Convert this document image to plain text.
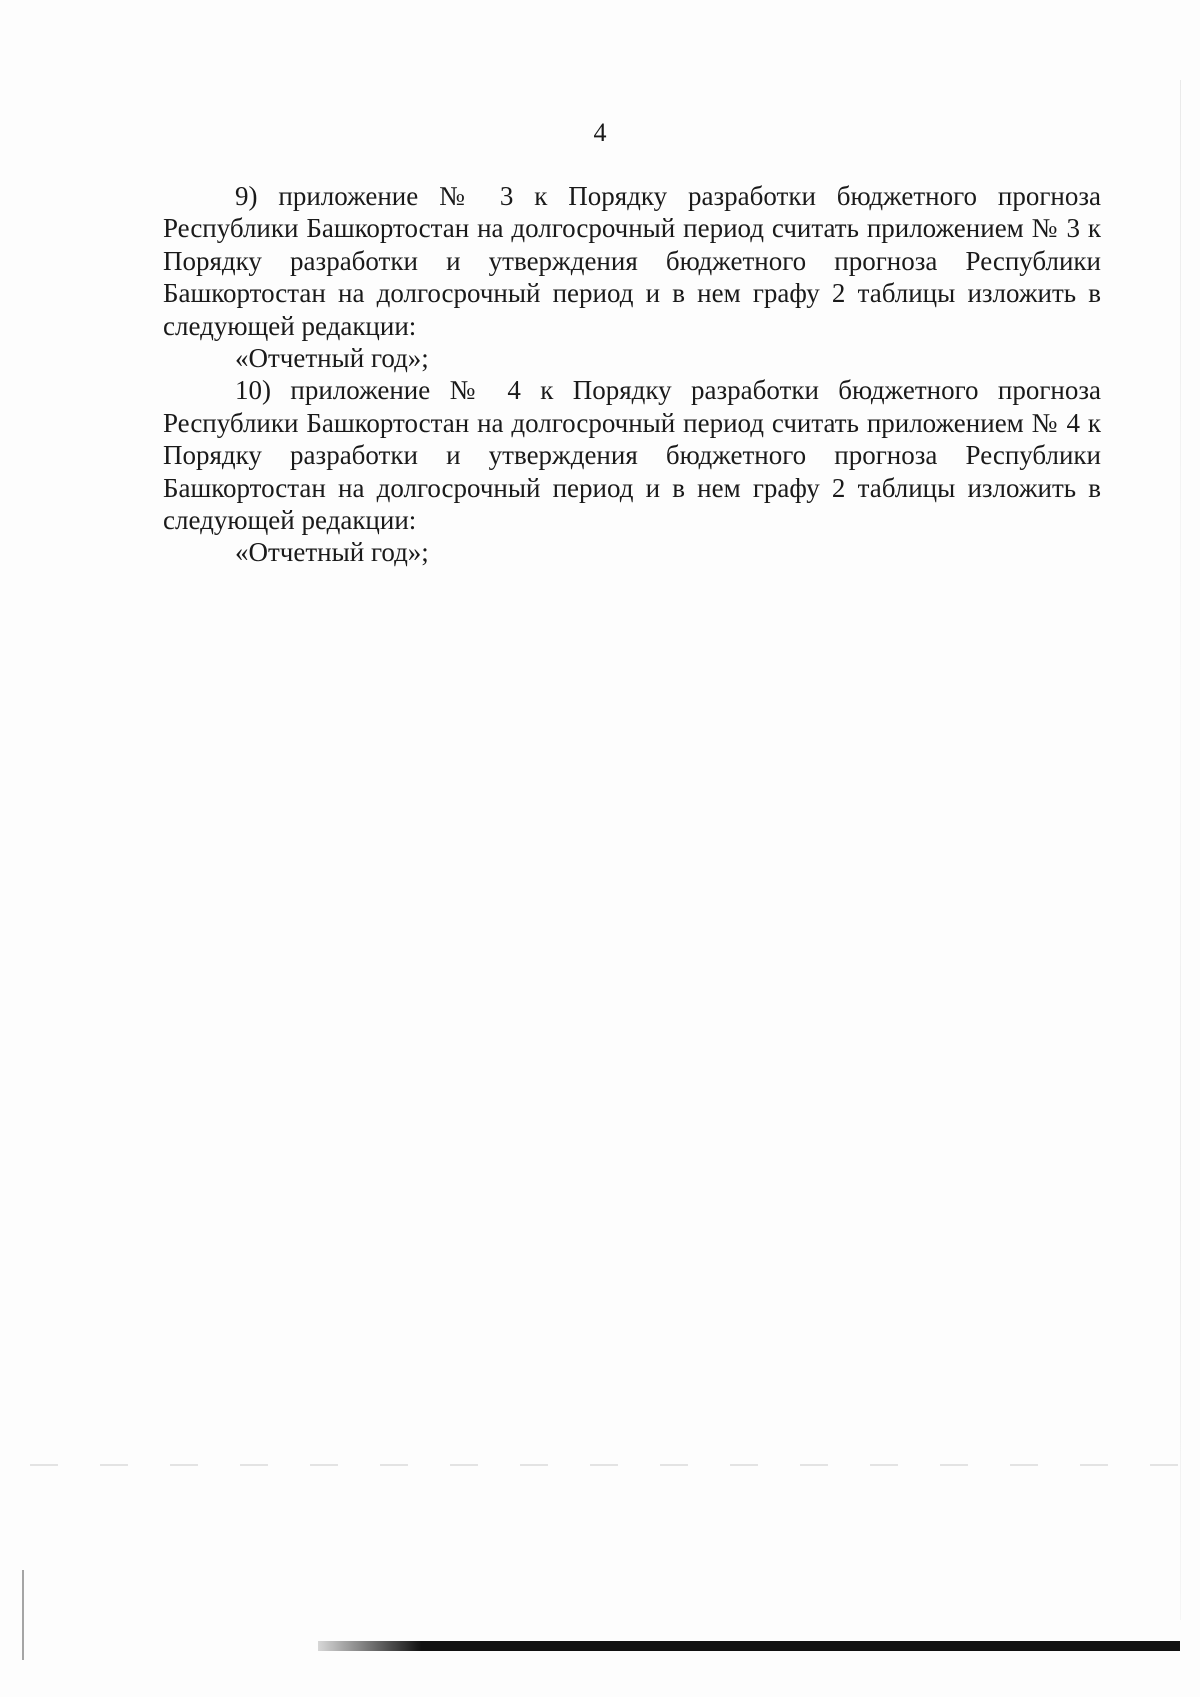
4

9) приложение № 3 к Порядку разработки бюджетного прогноза Республики Башкортостан на долгосрочный период считать приложением № 3 к Порядку разработки и утверждения бюджетного прогноза Республики Башкортостан на долгосрочный период и в нем графу 2 таблицы изложить в следующей редакции:

«Отчетный год»;

10) приложение № 4 к Порядку разработки бюджетного прогноза Республики Башкортостан на долгосрочный период считать приложением № 4 к Порядку разработки и утверждения бюджетного прогноза Республики Башкортостан на долгосрочный период и в нем графу 2 таблицы изложить в следующей редакции:

«Отчетный год»;
